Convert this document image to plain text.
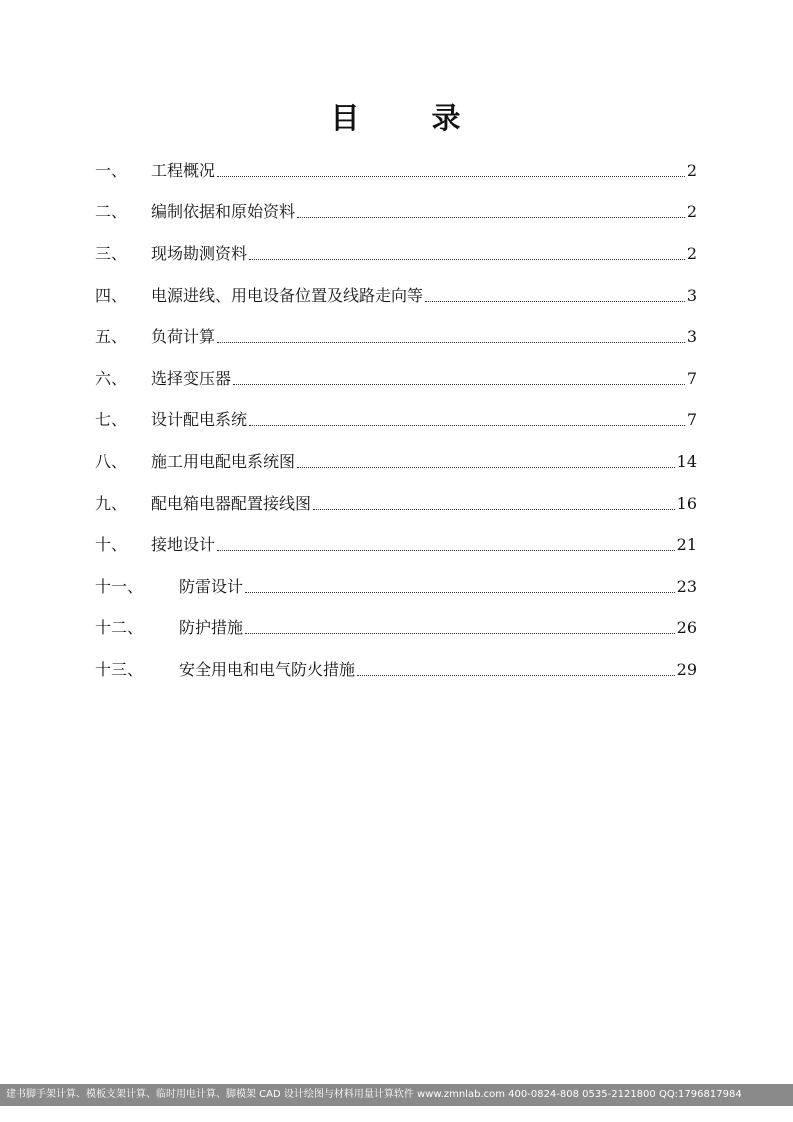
目 录
一、	工程概况	2
二、	编制依据和原始资料	2
三、	现场勘测资料	2
四、	电源进线、用电设备位置及线路走向等	3
五、	负荷计算	3
六、	选择变压器	7
七、	设计配电系统	7
八、	施工用电配电系统图	14
九、	配电箱电器配置接线图	16
十、	接地设计	21
十一、	防雷设计	23
十二、	防护措施	26
十三、	安全用电和电气防火措施	29
建书脚手架计算、模板支架计算、临时用电计算、脚模架 CAD 设计绘图与材料用量计算软件 www.zmnlab.com 400-0824-808 0535-2121800 QQ:1796817984
